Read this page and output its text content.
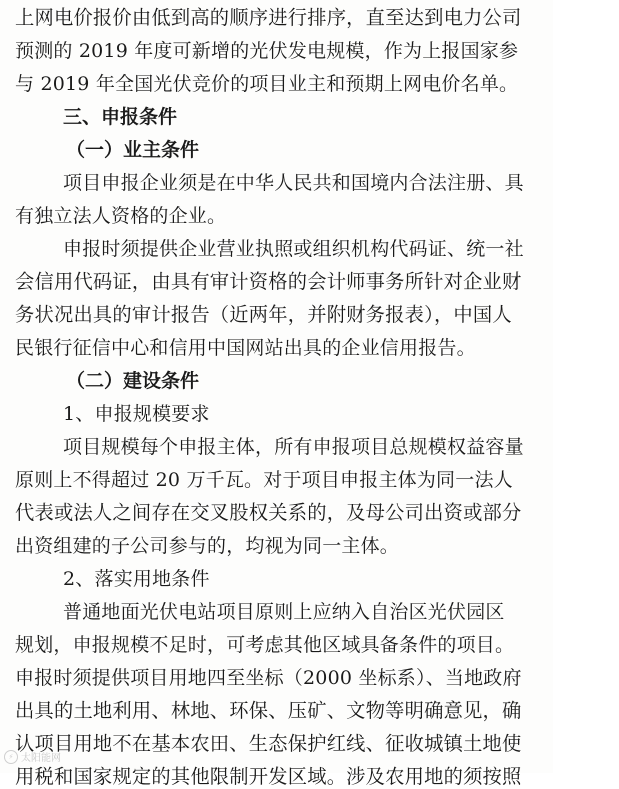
上网电价报价由低到高的顺序进行排序，直至达到电力公司
预测的 2019 年度可新增的光伏发电规模，作为上报国家参
与 2019 年全国光伏竞价的项目业主和预期上网电价名单。
三、申报条件
（一）业主条件
项目申报企业须是在中华人民共和国境内合法注册、具
有独立法人资格的企业。
申报时须提供企业营业执照或组织机构代码证、统一社
会信用代码证，由具有审计资格的会计师事务所针对企业财
务状况出具的审计报告（近两年，并附财务报表），中国人
民银行征信中心和信用中国网站出具的企业信用报告。
（二）建设条件
1、申报规模要求
项目规模每个申报主体，所有申报项目总规模权益容量
原则上不得超过 20 万千瓦。对于项目申报主体为同一法人
代表或法人之间存在交叉股权关系的，及母公司出资或部分
出资组建的子公司参与的，均视为同一主体。
2、落实用地条件
普通地面光伏电站项目原则上应纳入自治区光伏园区
规划，申报规模不足时，可考虑其他区域具备条件的项目。
申报时须提供项目用地四至坐标（2000 坐标系）、当地政府
出具的土地利用、林地、环保、压矿、文物等明确意见，确
认项目用地不在基本农田、生态保护红线、征收城镇土地使
用税和国家规定的其他限制开发区域。涉及农用地的须按照
⚡ 太阳能网
